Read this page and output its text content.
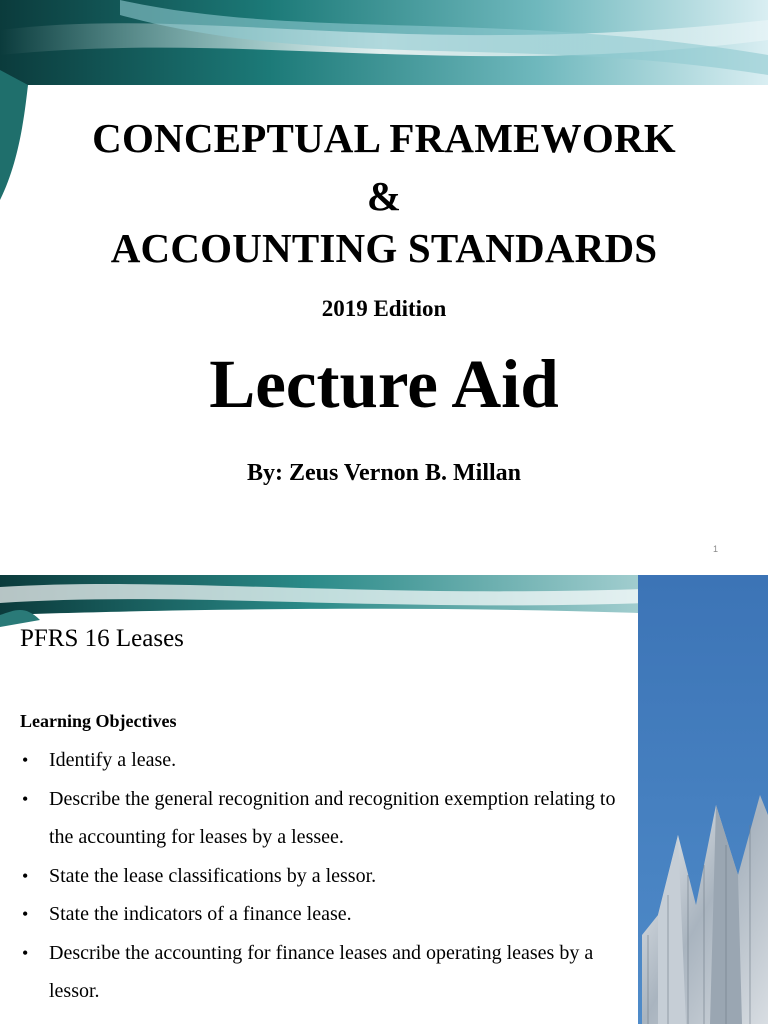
CONCEPTUAL FRAMEWORK
&
ACCOUNTING STANDARDS
2019 Edition
Lecture Aid
By: Zeus Vernon B. Millan
1
PFRS 16 Leases
Learning Objectives
• Identify a lease.
• Describe the general recognition and recognition exemption relating to the accounting for leases by a lessee.
• State the lease classifications by a lessor.
• State the indicators of a finance lease.
• Describe the accounting for finance leases and operating leases by a lessor.
